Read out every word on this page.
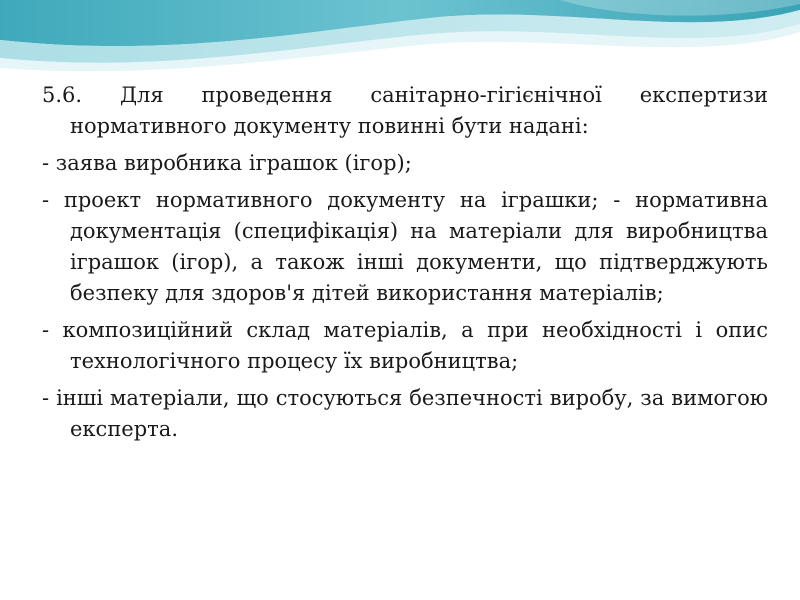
5.6. Для проведення санітарно-гігієнічної експертизи нормативного документу повинні бути надані:

- заява виробника іграшок (ігор);

- проект нормативного документу на іграшки; - нормативна документація (специфікація) на матеріали для виробництва іграшок (ігор), а також інші документи, що підтверджують безпеку для здоров'я дітей використання матеріалів;

- композиційний склад матеріалів, а при необхідності і опис технологічного процесу їх виробництва;

- інші матеріали, що стосуються безпечності виробу, за вимогою експерта.
